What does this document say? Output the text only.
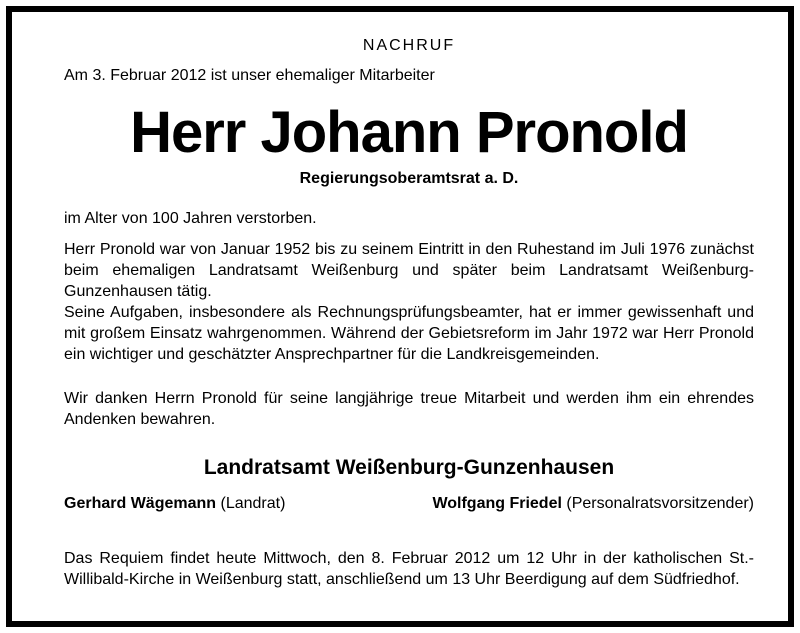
NACHRUF
Am 3. Februar 2012 ist unser ehemaliger Mitarbeiter
Herr Johann Pronold
Regierungsoberamtsrat a. D.

im Alter von 100 Jahren verstorben.

Herr Pronold war von Januar 1952 bis zu seinem Eintritt in den Ruhestand im Juli 1976 zunächst beim ehemaligen Landratsamt Weißenburg und später beim Landratsamt Weißenburg-Gunzenhausen tätig.

Seine Aufgaben, insbesondere als Rechnungsprüfungsbeamter, hat er immer gewissenhaft und mit großem Einsatz wahrgenommen. Während der Gebietsreform im Jahr 1972 war Herr Pronold ein wichtiger und geschätzter Ansprechpartner für die Landkreisgemeinden.

Wir danken Herrn Pronold für seine langjährige treue Mitarbeit und werden ihm ein ehrendes Andenken bewahren.

Landratsamt Weißenburg-Gunzenhausen
Gerhard Wägemann (Landrat)	Wolfgang Friedel (Personalratsvorsitzender)

Das Requiem findet heute Mittwoch, den 8. Februar 2012 um 12 Uhr in der katholischen St.-Willibald-Kirche in Weißenburg statt, anschließend um 13 Uhr Beerdigung auf dem Südfriedhof.
